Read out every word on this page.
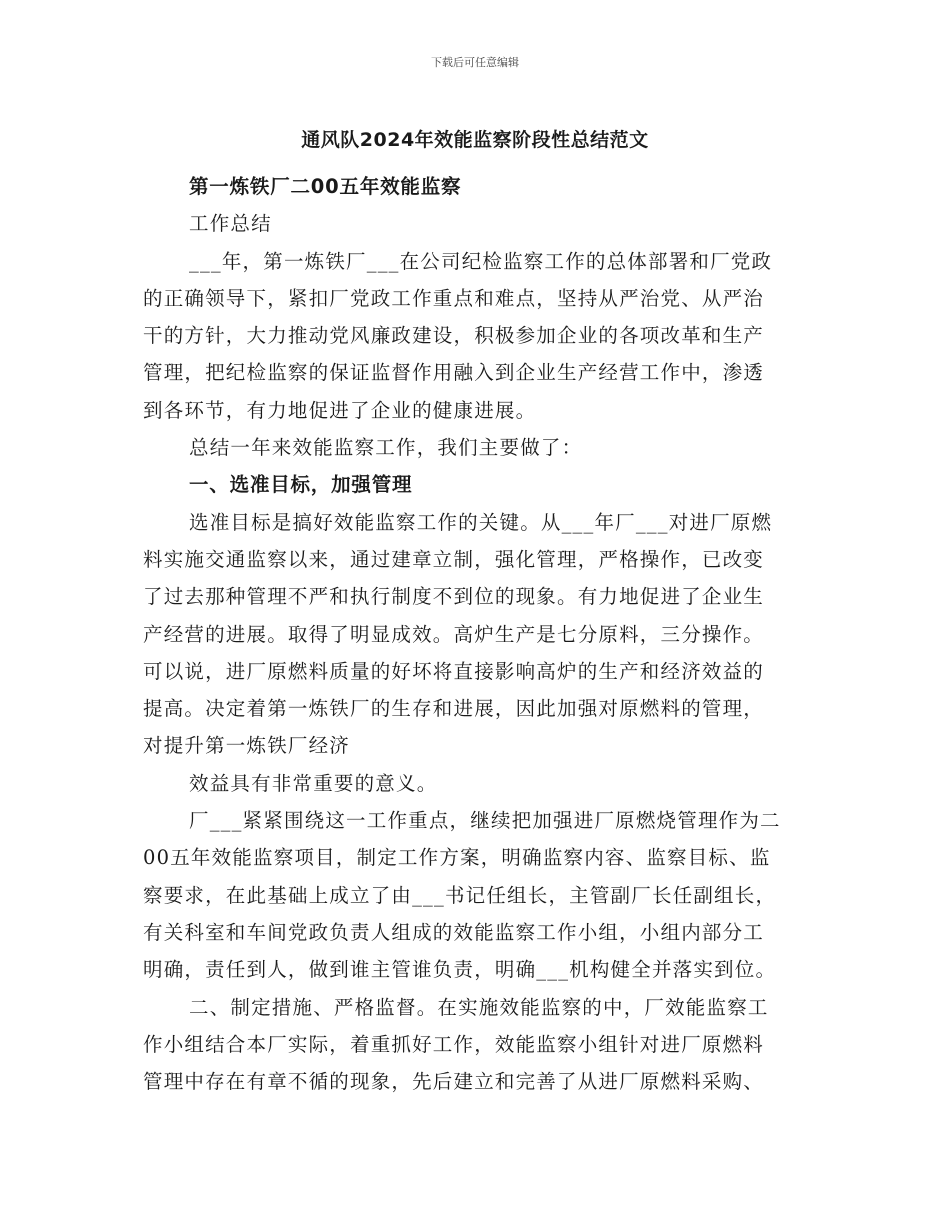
下载后可任意编辑
通风队2024年效能监察阶段性总结范文
第一炼铁厂二00五年效能监察
工作总结
___年，第一炼铁厂___在公司纪检监察工作的总体部署和厂党政
的正确领导下，紧扣厂党政工作重点和难点，坚持从严治党、从严治
干的方针，大力推动党风廉政建设，积极参加企业的各项改革和生产
管理，把纪检监察的保证监督作用融入到企业生产经营工作中，渗透
到各环节，有力地促进了企业的健康进展。
总结一年来效能监察工作，我们主要做了：
一、选准目标，加强管理
选准目标是搞好效能监察工作的关键。从___年厂___对进厂原燃
料实施交通监察以来，通过建章立制，强化管理，严格操作，已改变
了过去那种管理不严和执行制度不到位的现象。有力地促进了企业生
产经营的进展。取得了明显成效。高炉生产是七分原料，三分操作。
可以说，进厂原燃料质量的好坏将直接影响高炉的生产和经济效益的
提高。决定着第一炼铁厂的生存和进展，因此加强对原燃料的管理，
对提升第一炼铁厂经济
效益具有非常重要的意义。
厂___紧紧围绕这一工作重点，继续把加强进厂原燃烧管理作为二
00五年效能监察项目，制定工作方案，明确监察内容、监察目标、监
察要求，在此基础上成立了由___书记任组长，主管副厂长任副组长，
有关科室和车间党政负责人组成的效能监察工作小组，小组内部分工
明确，责任到人，做到谁主管谁负责，明确___机构健全并落实到位。
二、制定措施、严格监督。在实施效能监察的中，厂效能监察工
作小组结合本厂实际，着重抓好工作，效能监察小组针对进厂原燃料
管理中存在有章不循的现象，先后建立和完善了从进厂原燃料采购、
